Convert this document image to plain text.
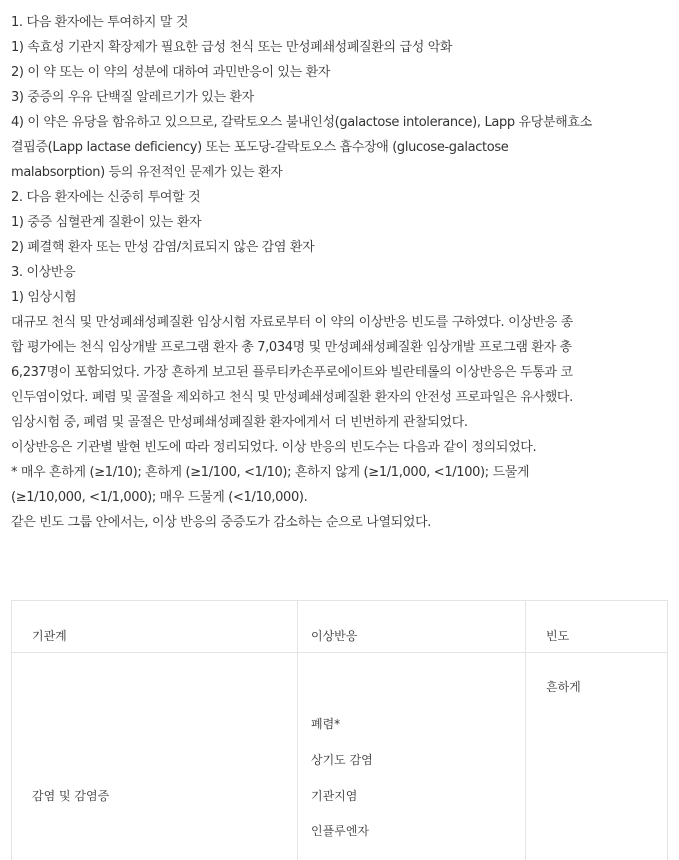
1. 다음 환자에는 투여하지 말 것
1) 속효성 기관지 확장제가 필요한 급성 천식 또는 만성폐쇄성폐질환의 급성 악화
2) 이 약 또는 이 약의 성분에 대하여 과민반응이 있는 환자
3) 중증의 우유 단백질 알레르기가 있는 환자
4) 이 약은 유당을 함유하고 있으므로, 갈락토오스 불내인성(galactose intolerance), Lapp 유당분해효소
결핍증(Lapp lactase deficiency) 또는 포도당-갈락토오스 흡수장애 (glucose-galactose
malabsorption) 등의 유전적인 문제가 있는 환자
2. 다음 환자에는 신중히 투여할 것
1) 중증 심혈관계 질환이 있는 환자
2) 폐결핵 환자 또는 만성 감염/치료되지 않은 감염 환자
3. 이상반응
1) 임상시험
대규모 천식 및 만성폐쇄성폐질환 임상시험 자료로부터 이 약의 이상반응 빈도를 구하였다. 이상반응 종
합 평가에는 천식 임상개발 프로그램 환자 총 7,034명 및 만성폐쇄성폐질환 임상개발 프로그램 환자 총
6,237명이 포함되었다. 가장 흔하게 보고된 플루티카손푸로에이트와 빌란테롤의 이상반응은 두통과 코
인두염이었다. 폐렴 및 골절을 제외하고 천식 및 만성폐쇄성폐질환 환자의 안전성 프로파일은 유사했다.
임상시험 중, 폐렴 및 골절은 만성폐쇄성폐질환 환자에게서 더 빈번하게 관찰되었다.
이상반응은 기관별 발현 빈도에 따라 정리되었다. 이상 반응의 빈도수는 다음과 같이 정의되었다.
* 매우 흔하게 (≥1/10); 흔하게 (≥1/100, <1/10); 흔하지 않게 (≥1/1,000, <1/100); 드물게
(≥1/10,000, <1/1,000); 매우 드물게 (<1/10,000).
같은 빈도 그룹 안에서는, 이상 반응의 중증도가 감소하는 순으로 나열되었다.
기관계	이상반응	빈도
감염 및 감염증
흔하게
폐렴*
상기도 감염
기관지염
인플루엔자
